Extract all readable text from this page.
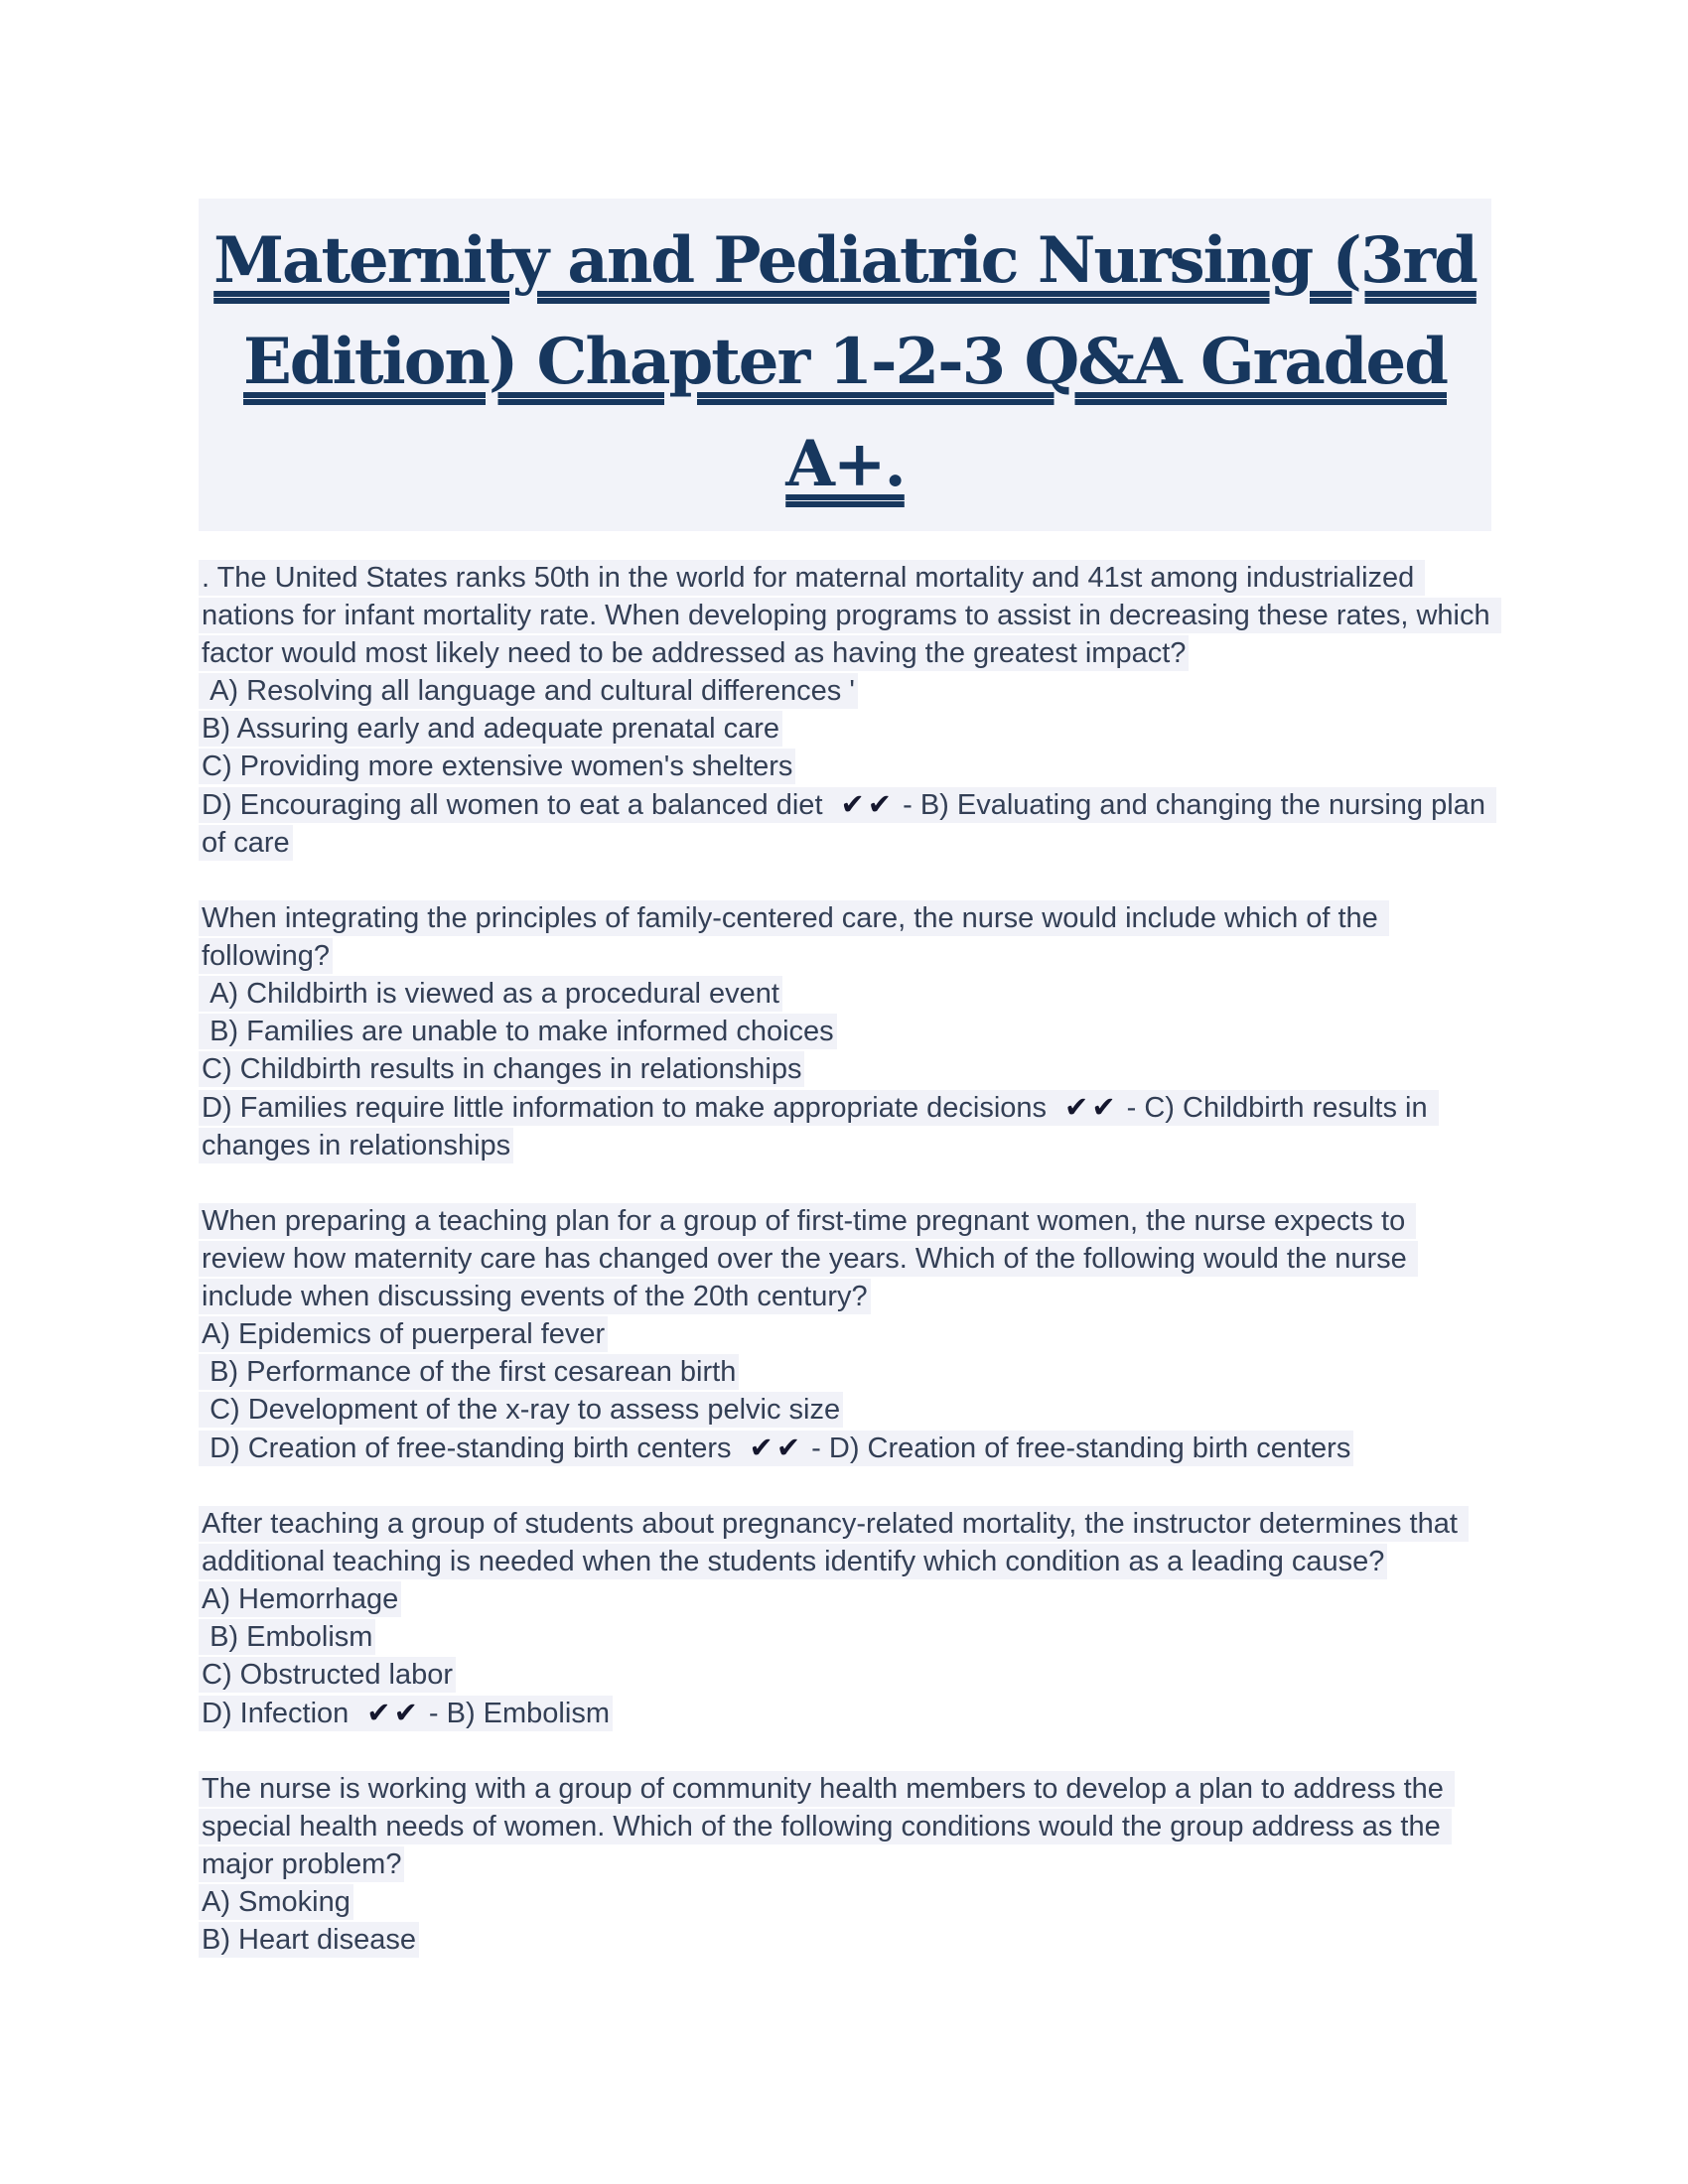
Maternity and Pediatric Nursing (3rd Edition) Chapter 1-2-3 Q&A Graded A+.
. The United States ranks 50th in the world for maternal mortality and 41st among industrialized nations for infant mortality rate. When developing programs to assist in decreasing these rates, which factor would most likely need to be addressed as having the greatest impact?
A) Resolving all language and cultural differences '
B) Assuring early and adequate prenatal care
C) Providing more extensive women's shelters
D) Encouraging all women to eat a balanced diet ✔✔ - B) Evaluating and changing the nursing plan of care
When integrating the principles of family-centered care, the nurse would include which of the following?
A) Childbirth is viewed as a procedural event
B) Families are unable to make informed choices
C) Childbirth results in changes in relationships
D) Families require little information to make appropriate decisions ✔✔ - C) Childbirth results in changes in relationships
When preparing a teaching plan for a group of first-time pregnant women, the nurse expects to review how maternity care has changed over the years. Which of the following would the nurse include when discussing events of the 20th century?
A) Epidemics of puerperal fever
B) Performance of the first cesarean birth
C) Development of the x-ray to assess pelvic size
D) Creation of free-standing birth centers ✔✔ - D) Creation of free-standing birth centers
After teaching a group of students about pregnancy-related mortality, the instructor determines that additional teaching is needed when the students identify which condition as a leading cause?
A) Hemorrhage
B) Embolism
C) Obstructed labor
D) Infection ✔✔ - B) Embolism
The nurse is working with a group of community health members to develop a plan to address the special health needs of women. Which of the following conditions would the group address as the major problem?
A) Smoking
B) Heart disease
